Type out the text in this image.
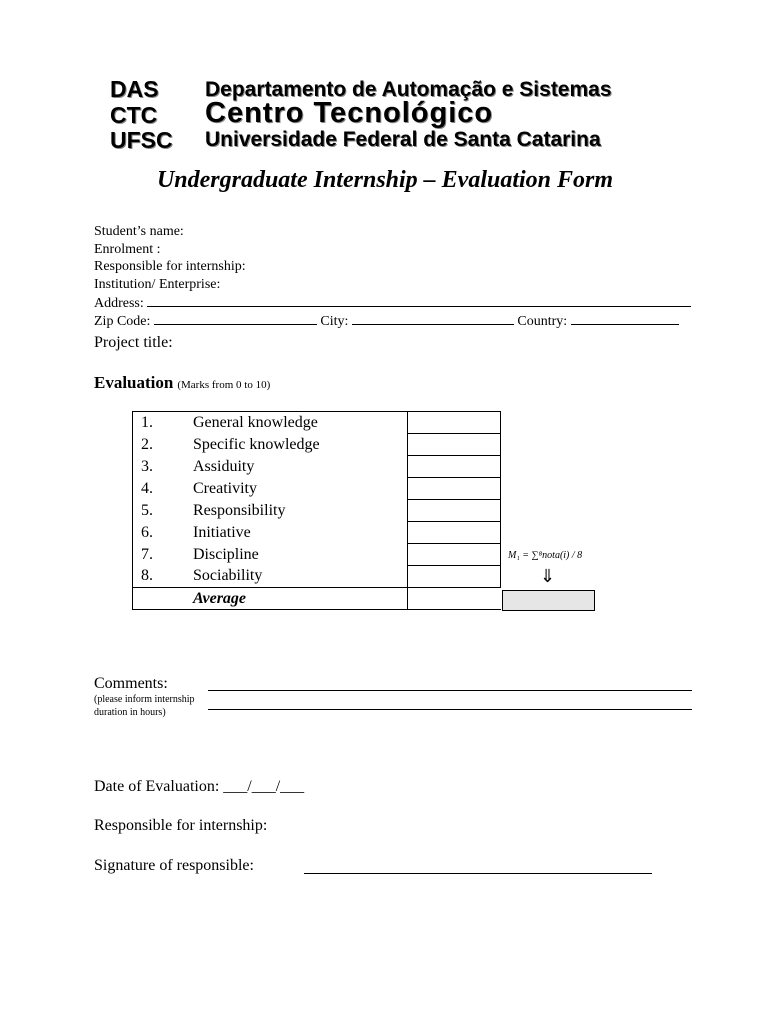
DAS Departamento de Automação e Sistemas
CTC Centro Tecnológico
UFSC Universidade Federal de Santa Catarina
Undergraduate Internship – Evaluation Form
Student’s name:
Enrolment :
Responsible for internship:
Institution/ Enterprise:
Address:
Zip Code:	City:	Country:
Project title:
Evaluation (Marks from 0 to 10)
1. General knowledge	
2. Specific knowledge	
3. Assiduity	
4. Creativity	
5. Responsibility	
6. Initiative	
7. Discipline	
8. Sociability	
Average	
M₁ = ∑⁸nota(i) / 8
⇓
Comments:
(please inform internship
duration in hours)
Date of Evaluation: ___/___/___
Responsible for internship:
Signature of responsible:
